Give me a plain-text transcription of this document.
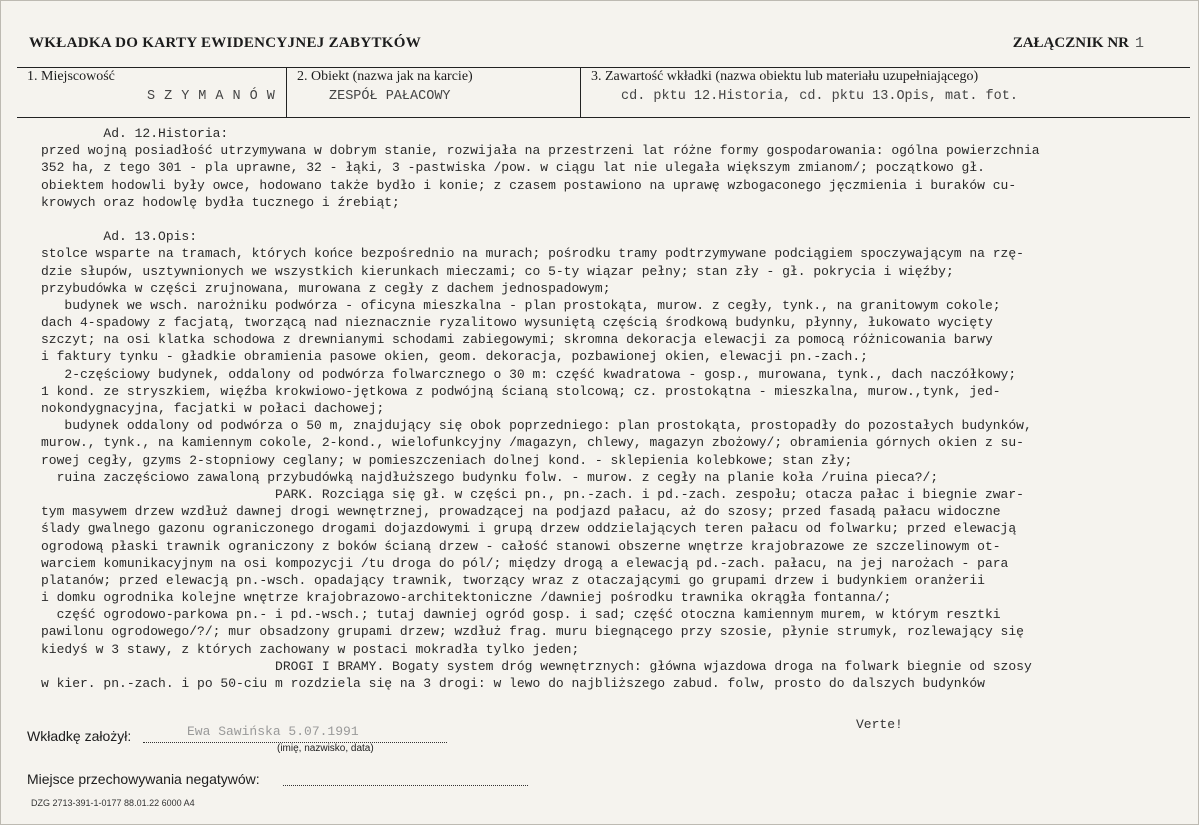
WKŁADKA DO KARTY EWIDENCYJNEJ ZABYTKÓW	ZAŁĄCZNIK NR 1
1. Miejscowość
SZYMANÓW
2. Obiekt (nazwa jak na karcie)
ZESPÓŁ PAŁACOWY
3. Zawartość wkładki (nazwa obiektu lub materiału uzupełniającego)
cd. pktu 12.Historia, cd. pktu 13.Opis, mat. fot.
Ad. 12.Historia:
przed wojną posiadłość utrzymywana w dobrym stanie, rozwijała na przestrzeni lat różne formy gospodarowania: ogólna powierzchnia
352 ha, z tego 301 - pla uprawne, 32 - łąki, 3 -pastwiska /pow. w ciągu lat nie ulegała większym zmianom/; początkowo gł.
obiektem hodowli były owce, hodowano także bydło i konie; z czasem postawiono na uprawę wzbogaconego jęczmienia i buraków cu-
krowych oraz hodowlę bydła tucznego i źrebiąt;
Ad. 13.Opis:
stolce wsparte na tramach, których końce bezpośrednio na murach; pośrodku tramy podtrzymywane podciągiem spoczywającym na rzę-
dzie słupów, usztywnionych we wszystkich kierunkach mieczami; co 5-ty wiązar pełny; stan zły - gł. pokrycia i więźby;
przybudówka w części zrujnowana, murowana z cegły z dachem jednospadowym;
budynek we wsch. narożniku podwórza - oficyna mieszkalna - plan prostokąta, murow. z cegły, tynk., na granitowym cokole;
dach 4-spadowy z facjatą, tworzącą nad nieznacznie ryzalitowo wysuniętą częścią środkową budynku, płynny, łukowato wycięty
szczyt; na osi klatka schodowa z drewnianymi schodami zabiegowymi; skromna dekoracja elewacji za pomocą różnicowania barwy
i faktury tynku - gładkie obramienia pasowe okien, geom. dekoracja, pozbawionej okien, elewacji pn.-zach.;
2-częściowy budynek, oddalony od podwórza folwarcznego o 30 m: część kwadratowa - gosp., murowana, tynk., dach naczółkowy;
1 kond. ze stryszkiem, więźba krokwiowo-jętkowa z podwójną ścianą stolcową; cz. prostokątna - mieszkalna, murow.,tynk, jed-
nokondygnacyjna, facjatki w połaci dachowej;
budynek oddalony od podwórza o 50 m, znajdujący się obok poprzedniego: plan prostokąta, prostopadły do pozostałych budynków,
murow., tynk., na kamiennym cokole, 2-kond., wielofunkcyjny /magazyn, chlewy, magazyn zbożowy/; obramienia górnych okien z su-
rowej cegły, gzyms 2-stopniowy ceglany; w pomieszczeniach dolnej kond. - sklepienia kolebkowe; stan zły;
ruina zaczęściowo zawaloną przybudówką najdłuższego budynku folw. - murow. z cegły na planie koła /ruina pieca?/;
PARK. Rozciąga się gł. w części pn., pn.-zach. i pd.-zach. zespołu; otacza pałac i biegnie zwar-
tym masywem drzew wzdłuż dawnej drogi wewnętrznej, prowadzącej na podjazd pałacu, aż do szosy; przed fasadą pałacu widoczne
ślady gwalnego gazonu ograniczonego drogami dojazdowymi i grupą drzew oddzielających teren pałacu od folwarku; przed elewacją
ogrodową płaski trawnik ograniczony z boków ścianą drzew - całość stanowi obszerne wnętrze krajobrazowe ze szczelinowym ot-
warciem komunikacyjnym na osi kompozycji /tu droga do pól/; między drogą a elewacją pd.-zach. pałacu, na jej narożach - para
platanów; przed elewacją pn.-wsch. opadający trawnik, tworzący wraz z otaczającymi go grupami drzew i budynkiem oranżerii
i domku ogrodnika kolejne wnętrze krajobrazowo-architektoniczne /dawniej pośrodku trawnika okrągła fontanna/;
część ogrodowo-parkowa pn.- i pd.-wsch.; tutaj dawniej ogród gosp. i sad; część otoczna kamiennym murem, w którym resztki
pawilonu ogrodowego/?/; mur obsadzony grupami drzew; wzdłuż frag. muru biegnącego przy szosie, płynie strumyk, rozlewający się
kiedyś w 3 stawy, z których zachowany w postaci mokradła tylko jeden;
DROGI I BRAMY. Bogaty system dróg wewnętrznych: główna wjazdowa droga na folwark biegnie od szosy
w kier. pn.-zach. i po 50-ciu m rozdziela się na 3 drogi: w lewo do najbliższego zabud. folw, prosto do dalszych budynków
Wkładkę założył:	Ewa Sawińska 5.07.1991
(imię, nazwisko, data)
Verte!
Miejsce przechowywania negatywów:
DZG 2713-391-1-0177 88.01.22 6000 A4
